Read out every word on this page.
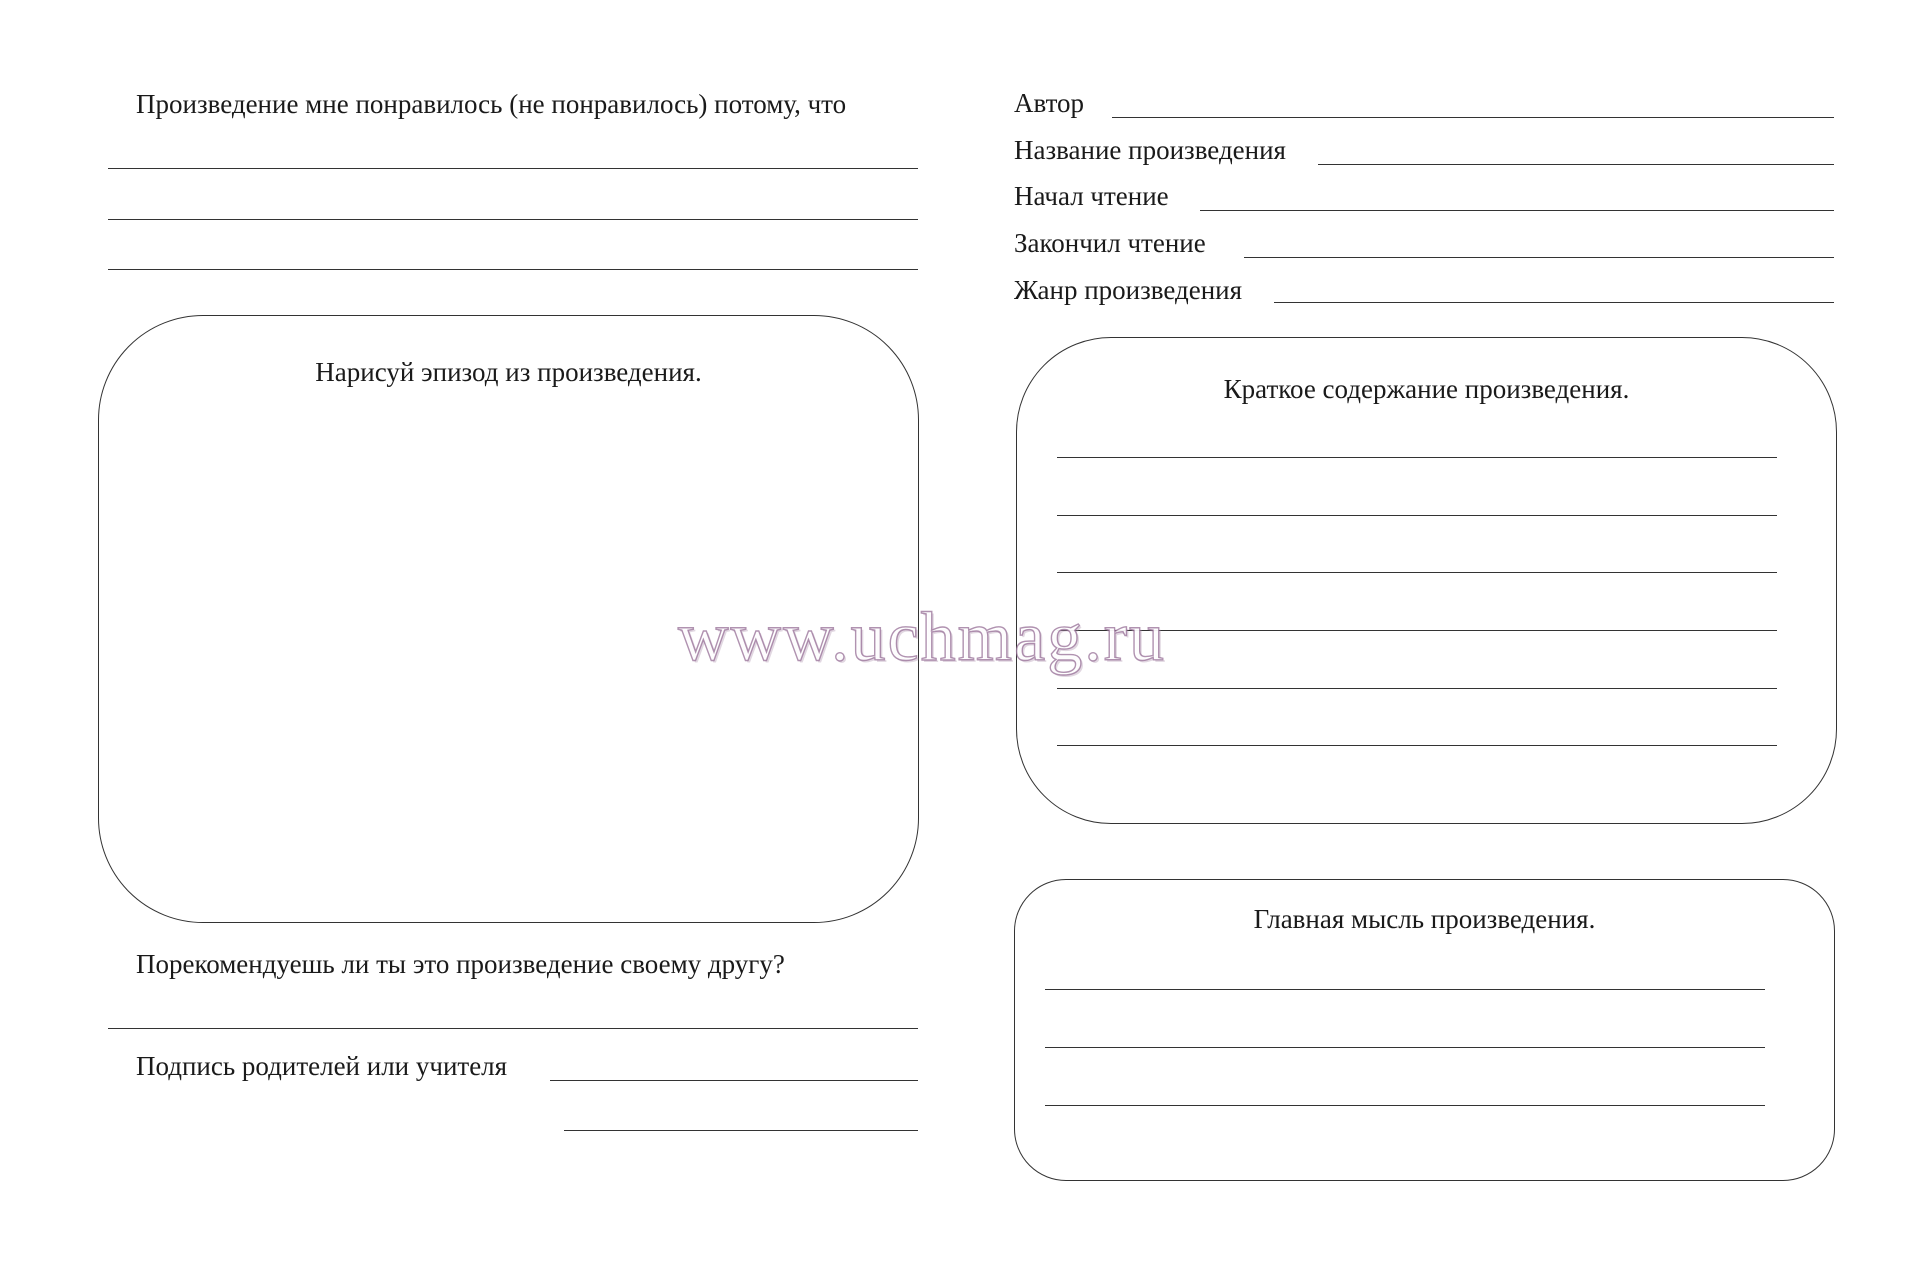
Произведение мне понравилось (не понравилось) потому, что
Нарисуй эпизод из произведения.
Порекомендуешь ли ты это произведение своему другу?
Подпись родителей или учителя
Автор
Название произведения
Начал чтение
Закончил чтение
Жанр произведения
Краткое содержание произведения.
Главная мысль произведения.
www.uchmag.ru
